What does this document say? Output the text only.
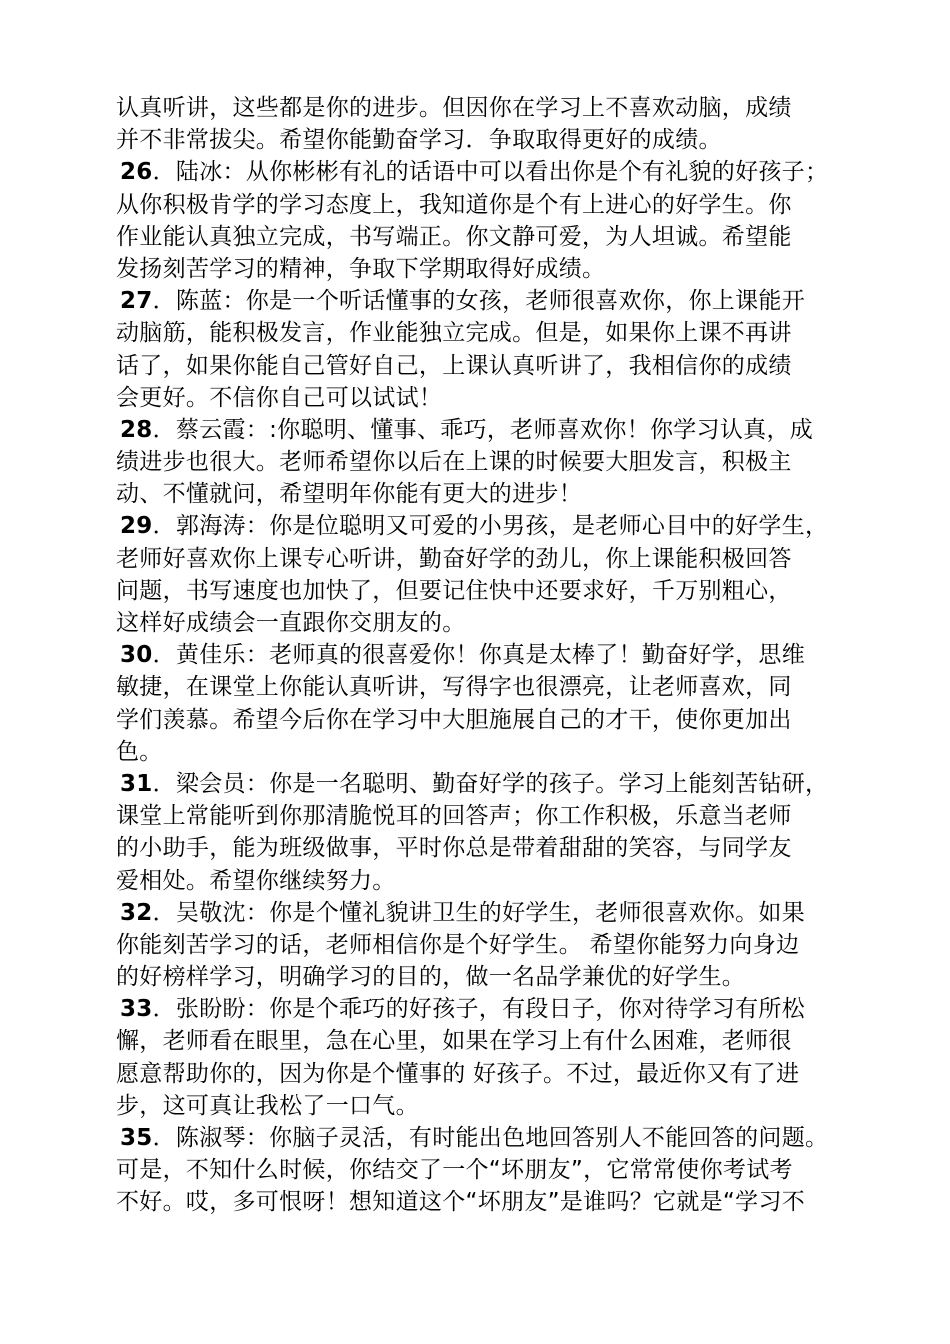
认真听讲，这些都是你的进步。但因你在学习上不喜欢动脑，成绩
并不非常拔尖。希望你能勤奋学习．争取取得更好的成绩。
26．陆冰：从你彬彬有礼的话语中可以看出你是个有礼貌的好孩子；
从你积极肯学的学习态度上，我知道你是个有上进心的好学生。你
作业能认真独立完成，书写端正。你文静可爱，为人坦诚。希望能
发扬刻苦学习的精神，争取下学期取得好成绩。
27．陈蓝：你是一个听话懂事的女孩，老师很喜欢你，你上课能开
动脑筋，能积极发言，作业能独立完成。但是，如果你上课不再讲
话了，如果你能自己管好自己，上课认真听讲了，我相信你的成绩
会更好。不信你自己可以试试！
28．蔡云霞：:你聪明、懂事、乖巧，老师喜欢你！你学习认真，成
绩进步也很大。老师希望你以后在上课的时候要大胆发言，积极主
动、不懂就问，希望明年你能有更大的进步！
29．郭海涛：你是位聪明又可爱的小男孩，是老师心目中的好学生，
老师好喜欢你上课专心听讲，勤奋好学的劲儿，你上课能积极回答
问题，书写速度也加快了，但要记住快中还要求好，千万别粗心，
这样好成绩会一直跟你交朋友的。
30．黄佳乐：老师真的很喜爱你！你真是太棒了！勤奋好学，思维
敏捷，在课堂上你能认真听讲，写得字也很漂亮，让老师喜欢，同
学们羡慕。希望今后你在学习中大胆施展自己的才干，使你更加出
色。
31．梁会员：你是一名聪明、勤奋好学的孩子。学习上能刻苦钻研，
课堂上常能听到你那清脆悦耳的回答声；你工作积极，乐意当老师
的小助手，能为班级做事，平时你总是带着甜甜的笑容，与同学友
爱相处。希望你继续努力。
32．吴敬沈：你是个懂礼貌讲卫生的好学生，老师很喜欢你。如果
你能刻苦学习的话，老师相信你是个好学生。 希望你能努力向身边
的好榜样学习，明确学习的目的，做一名品学兼优的好学生。
33．张盼盼：你是个乖巧的好孩子，有段日子，你对待学习有所松
懈，老师看在眼里，急在心里，如果在学习上有什么困难，老师很
愿意帮助你的，因为你是个懂事的 好孩子。不过，最近你又有了进
步，这可真让我松了一口气。
35．陈淑琴：你脑子灵活，有时能出色地回答别人不能回答的问题。
可是，不知什么时候，你结交了一个“坏朋友”，它常常使你考试考
不好。哎，多可恨呀！想知道这个“坏朋友”是谁吗？它就是“学习不
